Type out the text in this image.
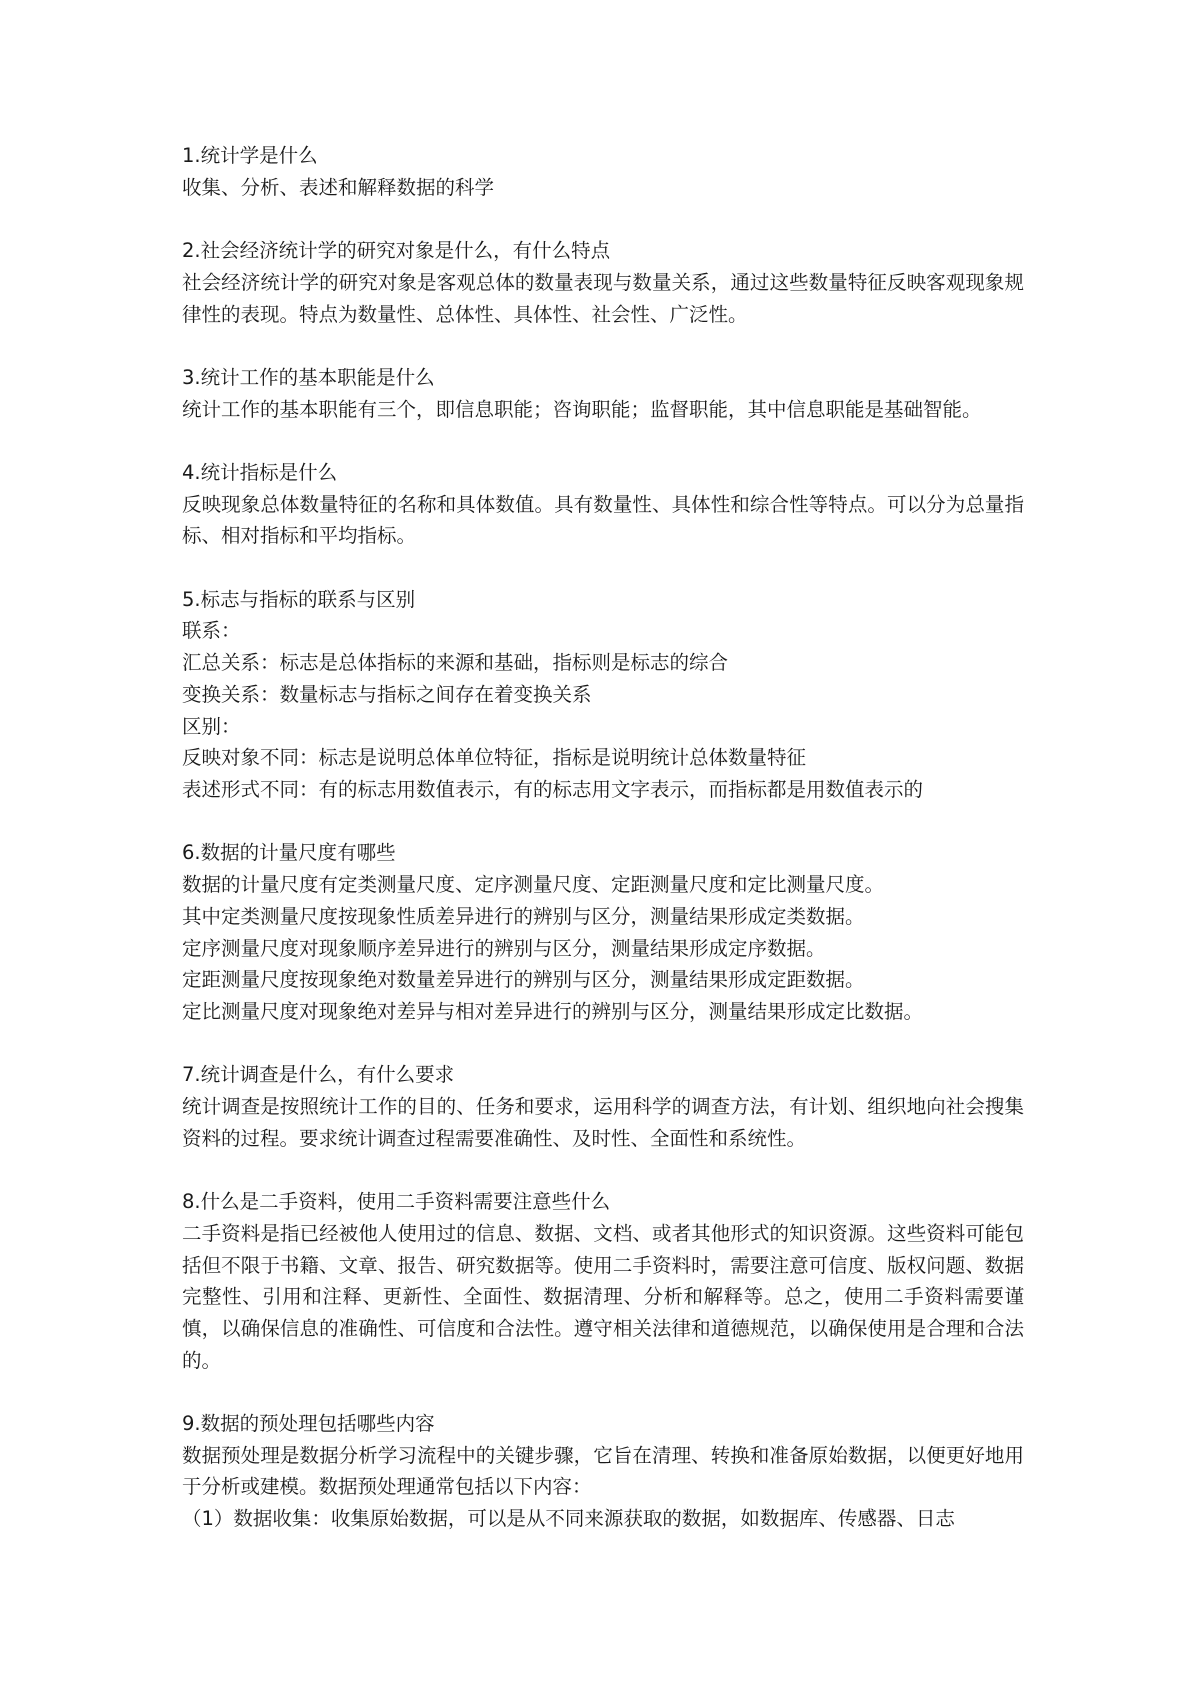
1.统计学是什么

收集、分析、表述和解释数据的科学

2.社会经济统计学的研究对象是什么，有什么特点

社会经济统计学的研究对象是客观总体的数量表现与数量关系，通过这些数量特征反映客观现象规律性的表现。特点为数量性、总体性、具体性、社会性、广泛性。

3.统计工作的基本职能是什么

统计工作的基本职能有三个，即信息职能；咨询职能；监督职能，其中信息职能是基础智能。

4.统计指标是什么

反映现象总体数量特征的名称和具体数值。具有数量性、具体性和综合性等特点。可以分为总量指标、相对指标和平均指标。

5.标志与指标的联系与区别

联系：

汇总关系：标志是总体指标的来源和基础，指标则是标志的综合

变换关系：数量标志与指标之间存在着变换关系

区别：

反映对象不同：标志是说明总体单位特征，指标是说明统计总体数量特征

表述形式不同：有的标志用数值表示，有的标志用文字表示，而指标都是用数值表示的

6.数据的计量尺度有哪些

数据的计量尺度有定类测量尺度、定序测量尺度、定距测量尺度和定比测量尺度。

其中定类测量尺度按现象性质差异进行的辨别与区分，测量结果形成定类数据。

定序测量尺度对现象顺序差异进行的辨别与区分，测量结果形成定序数据。

定距测量尺度按现象绝对数量差异进行的辨别与区分，测量结果形成定距数据。

定比测量尺度对现象绝对差异与相对差异进行的辨别与区分，测量结果形成定比数据。

7.统计调查是什么，有什么要求

统计调查是按照统计工作的目的、任务和要求，运用科学的调查方法，有计划、组织地向社会搜集资料的过程。要求统计调查过程需要准确性、及时性、全面性和系统性。

8.什么是二手资料，使用二手资料需要注意些什么

二手资料是指已经被他人使用过的信息、数据、文档、或者其他形式的知识资源。这些资料可能包括但不限于书籍、文章、报告、研究数据等。使用二手资料时，需要注意可信度、版权问题、数据完整性、引用和注释、更新性、全面性、数据清理、分析和解释等。总之，使用二手资料需要谨慎，以确保信息的准确性、可信度和合法性。遵守相关法律和道德规范，以确保使用是合理和合法的。

9.数据的预处理包括哪些内容

数据预处理是数据分析学习流程中的关键步骤，它旨在清理、转换和准备原始数据，以便更好地用于分析或建模。数据预处理通常包括以下内容：

（1）数据收集：收集原始数据，可以是从不同来源获取的数据，如数据库、传感器、日志
